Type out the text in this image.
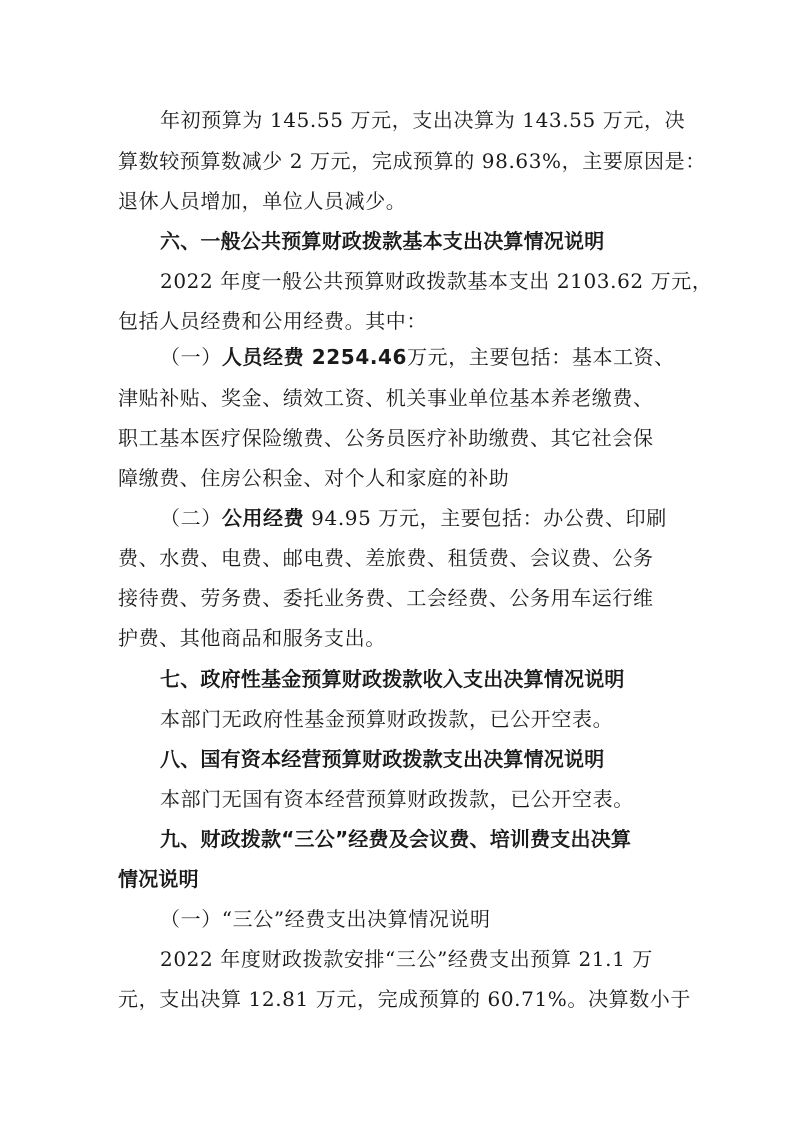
年初预算为 145.55 万元，支出决算为 143.55 万元，决
算数较预算数减少 2 万元，完成预算的 98.63%，主要原因是：
退休人员增加，单位人员减少。
六、一般公共预算财政拨款基本支出决算情况说明
2022 年度一般公共预算财政拨款基本支出 2103.62 万元，
包括人员经费和公用经费。其中：
（一）人员经费 2254.46万元，主要包括：基本工资、
津贴补贴、奖金、绩效工资、机关事业单位基本养老缴费、
职工基本医疗保险缴费、公务员医疗补助缴费、其它社会保
障缴费、住房公积金、对个人和家庭的补助
（二）公用经费 94.95 万元，主要包括：办公费、印刷
费、水费、电费、邮电费、差旅费、租赁费、会议费、公务
接待费、劳务费、委托业务费、工会经费、公务用车运行维
护费、其他商品和服务支出。
七、政府性基金预算财政拨款收入支出决算情况说明
本部门无政府性基金预算财政拨款，已公开空表。
八、国有资本经营预算财政拨款支出决算情况说明
本部门无国有资本经营预算财政拨款，已公开空表。
九、财政拨款“三公”经费及会议费、培训费支出决算
情况说明
（一）“三公”经费支出决算情况说明
2022 年度财政拨款安排“三公”经费支出预算 21.1 万
元，支出决算 12.81 万元，完成预算的 60.71%。决算数小于
